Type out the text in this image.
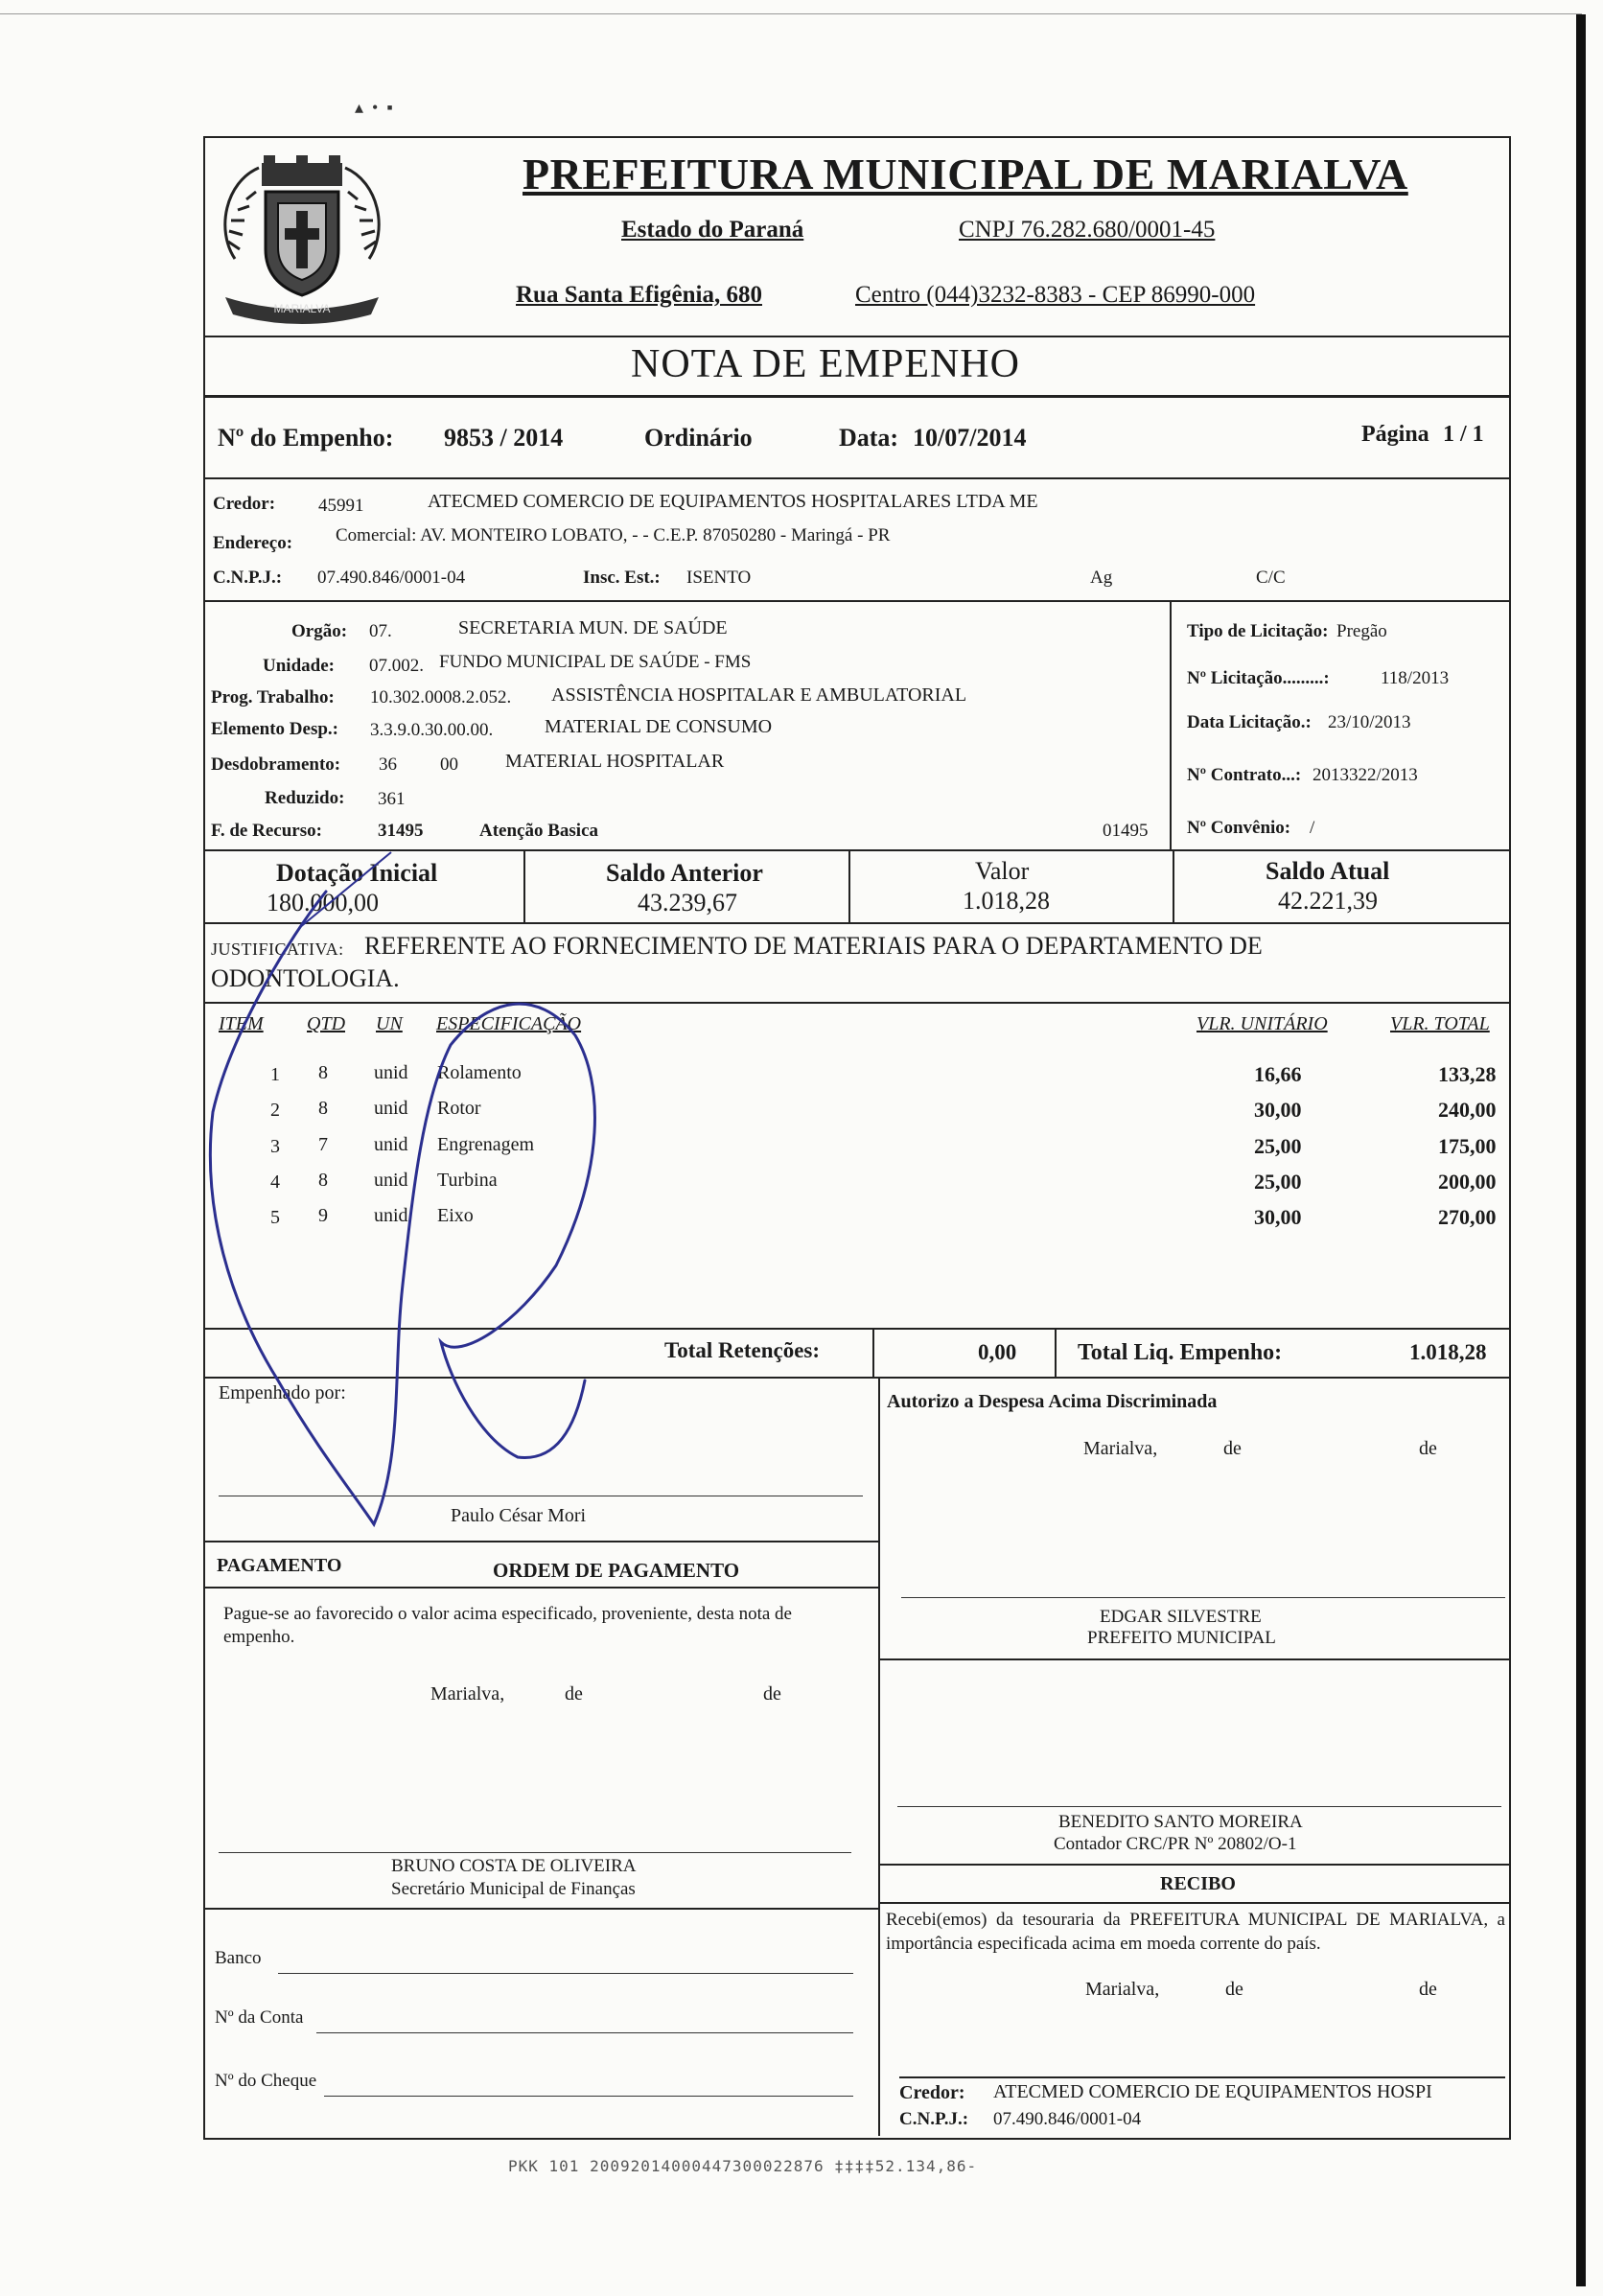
MARIALVA
PREFEITURA MUNICIPAL DE MARIALVA
Estado do Paraná	CNPJ 76.282.680/0001-45
Rua Santa Efigênia, 680	Centro (044)3232-8383 - CEP 86990-000
NOTA DE EMPENHO
Nº do Empenho: 9853 / 2014	Ordinário	Data: 10/07/2014	Página 1 / 1
Credor: 45991	ATECMED COMERCIO DE EQUIPAMENTOS HOSPITALARES LTDA ME
Endereço: Comercial: AV. MONTEIRO LOBATO, - - C.E.P. 87050280 - Maringá - PR
C.N.P.J.: 07.490.846/0001-04	Insc. Est.: ISENTO	Ag	C/C
Orgão: 07.	SECRETARIA MUN. DE SAÚDE
Unidade: 07.002. FUNDO MUNICIPAL DE SAÚDE - FMS
Prog. Trabalho: 10.302.0008.2.052. ASSISTÊNCIA HOSPITALAR E AMBULATORIAL
Elemento Desp.: 3.3.9.0.30.00.00.	MATERIAL DE CONSUMO
Desdobramento: 36 00 MATERIAL HOSPITALAR
Reduzido: 361
F. de Recurso:	31495	Atenção Basica	01495
Tipo de Licitação: Pregão
Nº Licitação.........:	118/2013
Data Licitação.: 23/10/2013
Nº Contrato...: 2013322/2013
Nº Convênio: /
Dotação Inicial
180.000,00
Saldo Anterior
43.239,67
Valor
1.018,28
Saldo Atual
42.221,39
JUSTIFICATIVA: REFERENTE AO FORNECIMENTO DE MATERIAIS PARA O DEPARTAMENTO DE
ODONTOLOGIA.
ITEM QTD UN ESPECIFICAÇÃO	VLR. UNITÁRIO	VLR. TOTAL
1 8 unid Rolamento	16,66	133,28
2 8 unid Rotor	30,00	240,00
3 7 unid Engrenagem	25,00	175,00
4 8 unid Turbina	25,00	200,00
5 9 unid Eixo	30,00	270,00
Total Retenções:	0,00	Total Liq. Empenho:	1.018,28
Empenhado por:
Paulo César Mori
PAGAMENTO	ORDEM DE PAGAMENTO
Pague-se ao favorecido o valor acima especificado, proveniente, desta nota de empenho.
Marialva,	de	de
BRUNO COSTA DE OLIVEIRA
Secretário Municipal de Finanças
Banco
Nº da Conta
Nº do Cheque
Autorizo a Despesa Acima Discriminada
Marialva,	de	de
EDGAR SILVESTRE
PREFEITO MUNICIPAL
BENEDITO SANTO MOREIRA
Contador CRC/PR Nº 20802/O-1
RECIBO
Recebi(emos) da tesouraria da PREFEITURA MUNICIPAL DE MARIALVA, a importância especificada acima em moeda corrente do país.
Marialva,	de	de
Credor: ATECMED COMERCIO DE EQUIPAMENTOS HOSPI
C.N.P.J.: 07.490.846/0001-04
PKK 101 20092014000447300022876 ‡‡‡‡52.134,86-
▴  •  ▪
